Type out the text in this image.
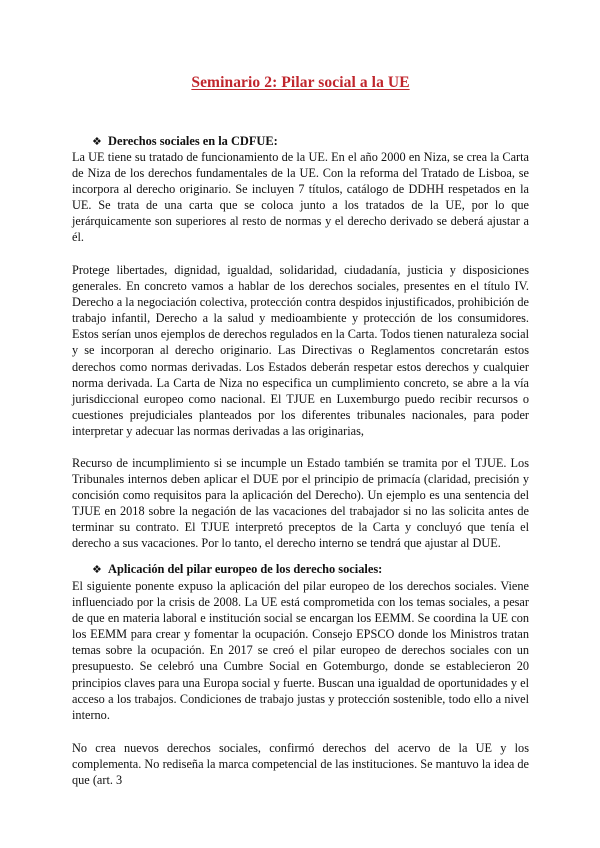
Seminario 2: Pilar social a la UE
❖ Derechos sociales en la CDFUE:

La UE tiene su tratado de funcionamiento de la UE. En el año 2000 en Niza, se crea la Carta de Niza de los derechos fundamentales de la UE. Con la reforma del Tratado de Lisboa, se incorpora al derecho originario. Se incluyen 7 títulos, catálogo de DDHH respetados en la UE. Se trata de una carta que se coloca junto a los tratados de la UE, por lo que jerárquicamente son superiores al resto de normas y el derecho derivado se deberá ajustar a él.

Protege libertades, dignidad, igualdad, solidaridad, ciudadanía, justicia y disposiciones generales. En concreto vamos a hablar de los derechos sociales, presentes en el título IV. Derecho a la negociación colectiva, protección contra despidos injustificados, prohibición de trabajo infantil, Derecho a la salud y medioambiente y protección de los consumidores. Estos serían unos ejemplos de derechos regulados en la Carta. Todos tienen naturaleza social y se incorporan al derecho originario. Las Directivas o Reglamentos concretarán estos derechos como normas derivadas. Los Estados deberán respetar estos derechos y cualquier norma derivada. La Carta de Niza no especifica un cumplimiento concreto, se abre a la vía jurisdiccional europeo como nacional. El TJUE en Luxemburgo puedo recibir recursos o cuestiones prejudiciales planteados por los diferentes tribunales nacionales, para poder interpretar y adecuar las normas derivadas a las originarias,

Recurso de incumplimiento si se incumple un Estado también se tramita por el TJUE. Los Tribunales internos deben aplicar el DUE por el principio de primacía (claridad, precisión y concisión como requisitos para la aplicación del Derecho). Un ejemplo es una sentencia del TJUE en 2018 sobre la negación de las vacaciones del trabajador si no las solicita antes de terminar su contrato. El TJUE interpretó preceptos de la Carta y concluyó que tenía el derecho a sus vacaciones. Por lo tanto, el derecho interno se tendrá que ajustar al DUE.

❖ Aplicación del pilar europeo de los derecho sociales:

El siguiente ponente expuso la aplicación del pilar europeo de los derechos sociales. Viene influenciado por la crisis de 2008. La UE está comprometida con los temas sociales, a pesar de que en materia laboral e institución social se encargan los EEMM. Se coordina la UE con los EEMM para crear y fomentar la ocupación. Consejo EPSCO donde los Ministros tratan temas sobre la ocupación. En 2017 se creó el pilar europeo de derechos sociales con un presupuesto. Se celebró una Cumbre Social en Gotemburgo, donde se establecieron 20 principios claves para una Europa social y fuerte. Buscan una igualdad de oportunidades y el acceso a los trabajos. Condiciones de trabajo justas y protección sostenible, todo ello a nivel interno.

No crea nuevos derechos sociales, confirmó derechos del acervo de la UE y los complementa. No rediseña la marca competencial de las instituciones. Se mantuvo la idea de que (art. 3
